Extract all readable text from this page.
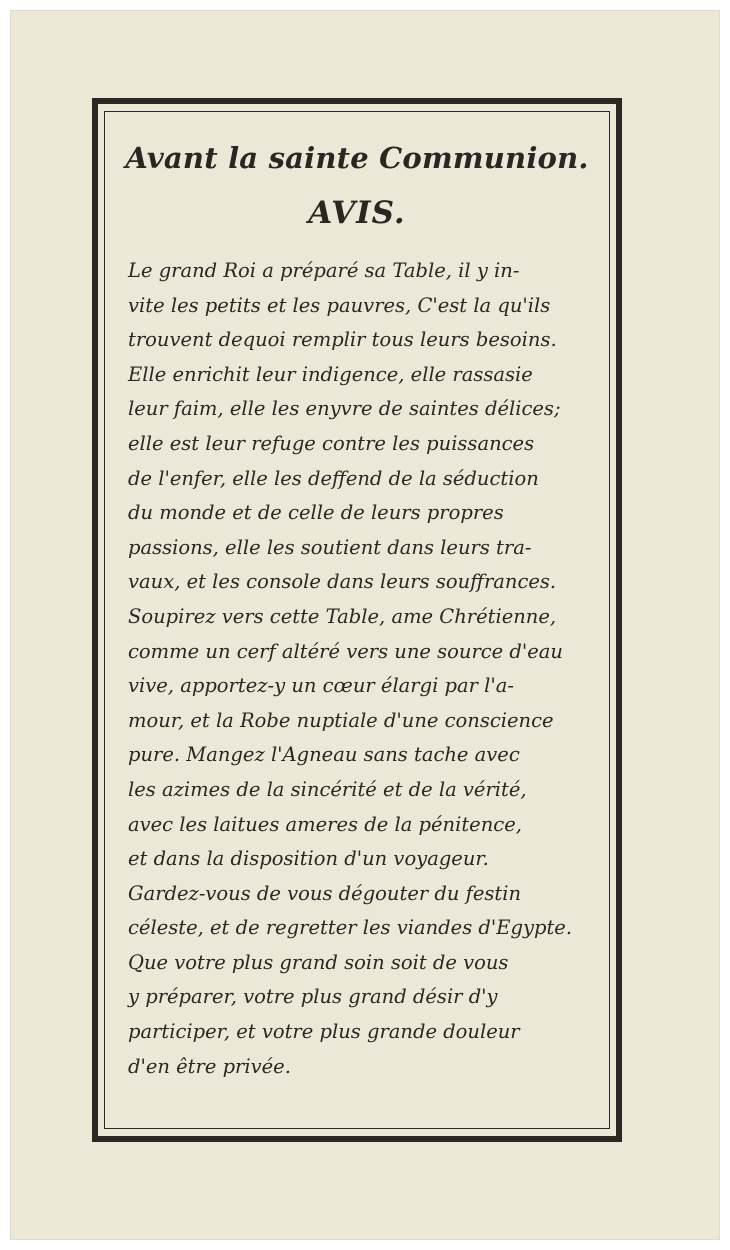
Avant la sainte Communion.
AVIS.
Le grand Roi a préparé sa Table, il y in-
vite les petits et les pauvres, C'est la qu'ils
trouvent dequoi remplir tous leurs besoins.
Elle enrichit leur indigence, elle rassasie
leur faim, elle les enyvre de saintes délices;
elle est leur refuge contre les puissances
de l'enfer, elle les deffend de la séduction
du monde et de celle de leurs propres
passions, elle les soutient dans leurs tra-
vaux, et les console dans leurs souffrances.
Soupirez vers cette Table, ame Chrétienne,
comme un cerf altéré vers une source d'eau
vive, apportez-y un cœur élargi par l'a-
mour, et la Robe nuptiale d'une conscience
pure. Mangez l'Agneau sans tache avec
les azimes de la sincérité et de la vérité,
avec les laitues ameres de la pénitence,
et dans la disposition d'un voyageur.
Gardez-vous de vous dégouter du festin
céleste, et de regretter les viandes d'Egypte.
Que votre plus grand soin soit de vous
y préparer, votre plus grand désir d'y
participer, et votre plus grande douleur
d'en être privée.
